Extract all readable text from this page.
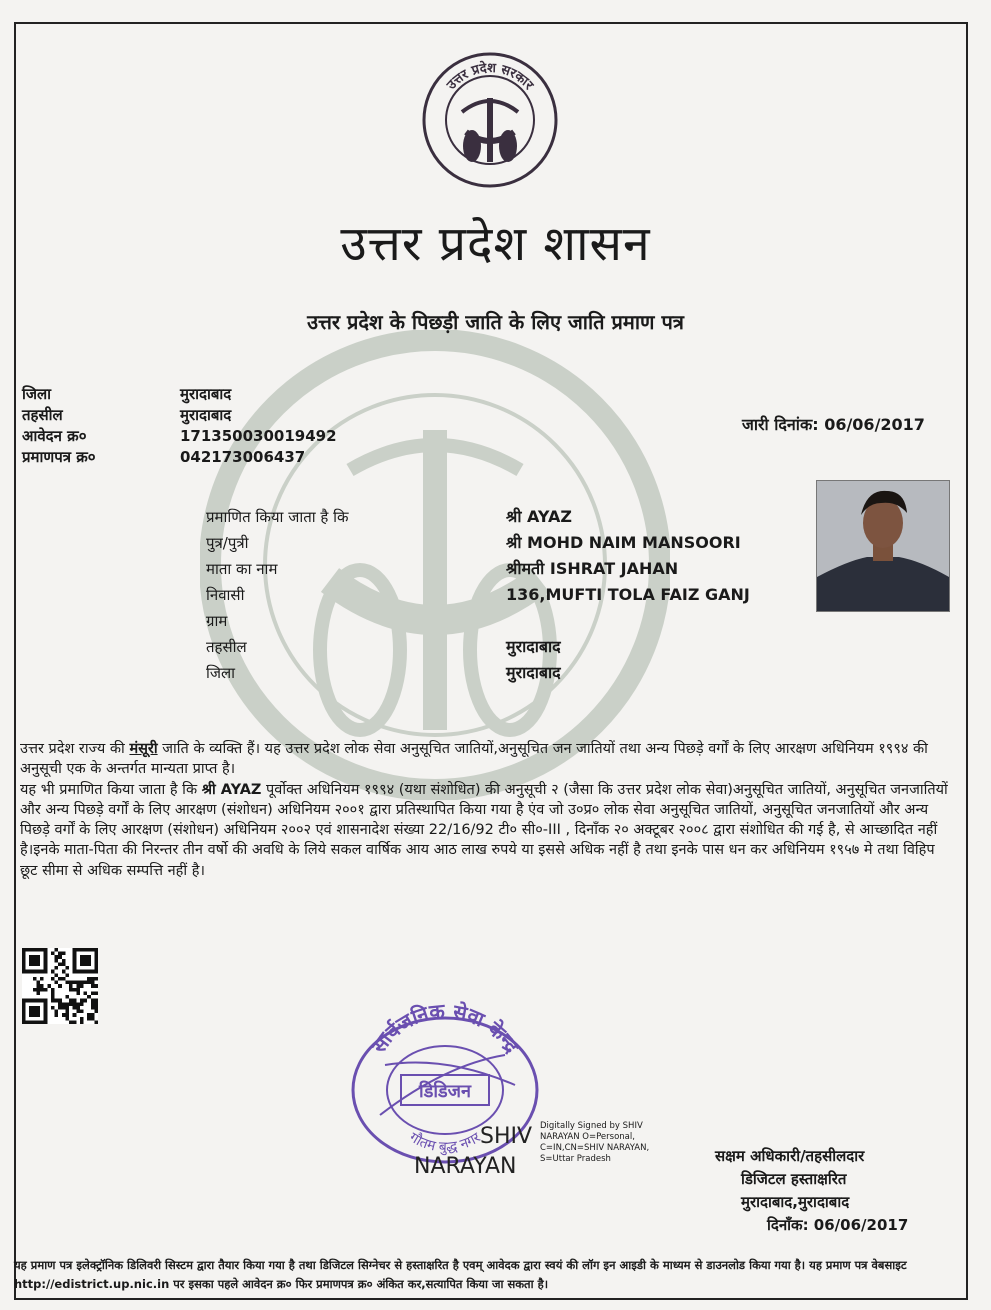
उत्तर प्रदेश सरकार
उत्तर प्रदेश शासन
उत्तर प्रदेश के पिछड़ी जाति के लिए जाति प्रमाण पत्र
जिला	मुरादाबाद
तहसील	मुरादाबाद
आवेदन क्र०	171350030019492
प्रमाणपत्र क्र०	042173006437
जारी दिनांक: 06/06/2017
प्रमाणित किया जाता है कि	श्री AYAZ
पुत्र/पुत्री	श्री MOHD NAIM MANSOORI
माता का नाम	श्रीमती ISHRAT JAHAN
निवासी	136,MUFTI TOLA FAIZ GANJ
ग्राम
तहसील	मुरादाबाद
जिला	मुरादाबाद

उत्तर प्रदेश राज्य की मंसूरी जाति के व्यक्ति हैं। यह उत्तर प्रदेश लोक सेवा अनुसूचित जातियों,अनुसूचित जन जातियों तथा अन्य पिछड़े वर्गों के लिए आरक्षण अधिनियम १९९४ की अनुसूची एक के अन्तर्गत मान्यता प्राप्त है।

यह भी प्रमाणित किया जाता है कि श्री AYAZ पूर्वोक्त अधिनियम १९९४ (यथा संशोधित) की अनुसूची २ (जैसा कि उत्तर प्रदेश लोक सेवा)अनुसूचित जातियों, अनुसूचित जनजातियों और अन्य पिछड़े वर्गों के लिए आरक्षण (संशोधन) अधिनियम २००१ द्वारा प्रतिस्थापित किया गया है एंव जो उ०प्र० लोक सेवा अनुसूचित जातियों, अनुसूचित जनजातियों और अन्य पिछड़े वर्गों के लिए आरक्षण (संशोधन) अधिनियम २००२ एवं शासनादेश संख्या 22/16/92 टी० सी०-III , दिनाँक २० अक्टूबर २००८ द्वारा संशोधित की गई है, से आच्छादित नहीं है।इनके माता-पिता की निरन्तर तीन वर्षो की अवधि के लिये सकल वार्षिक आय आठ लाख रुपये या इससे अधिक नहीं है तथा इनके पास धन कर अधिनियम १९५७ मे तथा विहिप छूट सीमा से अधिक सम्पत्ति नहीं है।

सार्वजनिक सेवा केन्द्र
गौतम बुद्ध नगर
डिडिजन
SHIV
NARAYAN
Digitally Signed by SHIV NARAYAN O=Personal, C=IN,CN=SHIV NARAYAN, S=Uttar Pradesh	सक्षम अधिकारी/तहसीलदार
डिजिटल हस्ताक्षरित
मुरादाबाद,मुरादाबाद
दिनाँक: 06/06/2017
यह प्रमाण पत्र इलेक्ट्रॉनिक डिलिवरी सिस्टम द्वारा तैयार किया गया है तथा डिजिटल सिग्नेचर से हस्ताक्षरित है एवम् आवेदक द्वारा स्वयं की लॉग इन आइडी के माध्यम से डाउनलोड किया गया है। यह प्रमाण पत्र वेबसाइट http://edistrict.up.nic.in पर इसका पहले आवेदन क्र० फिर प्रमाणपत्र क्र० अंकित कर,सत्यापित किया जा सकता है।
